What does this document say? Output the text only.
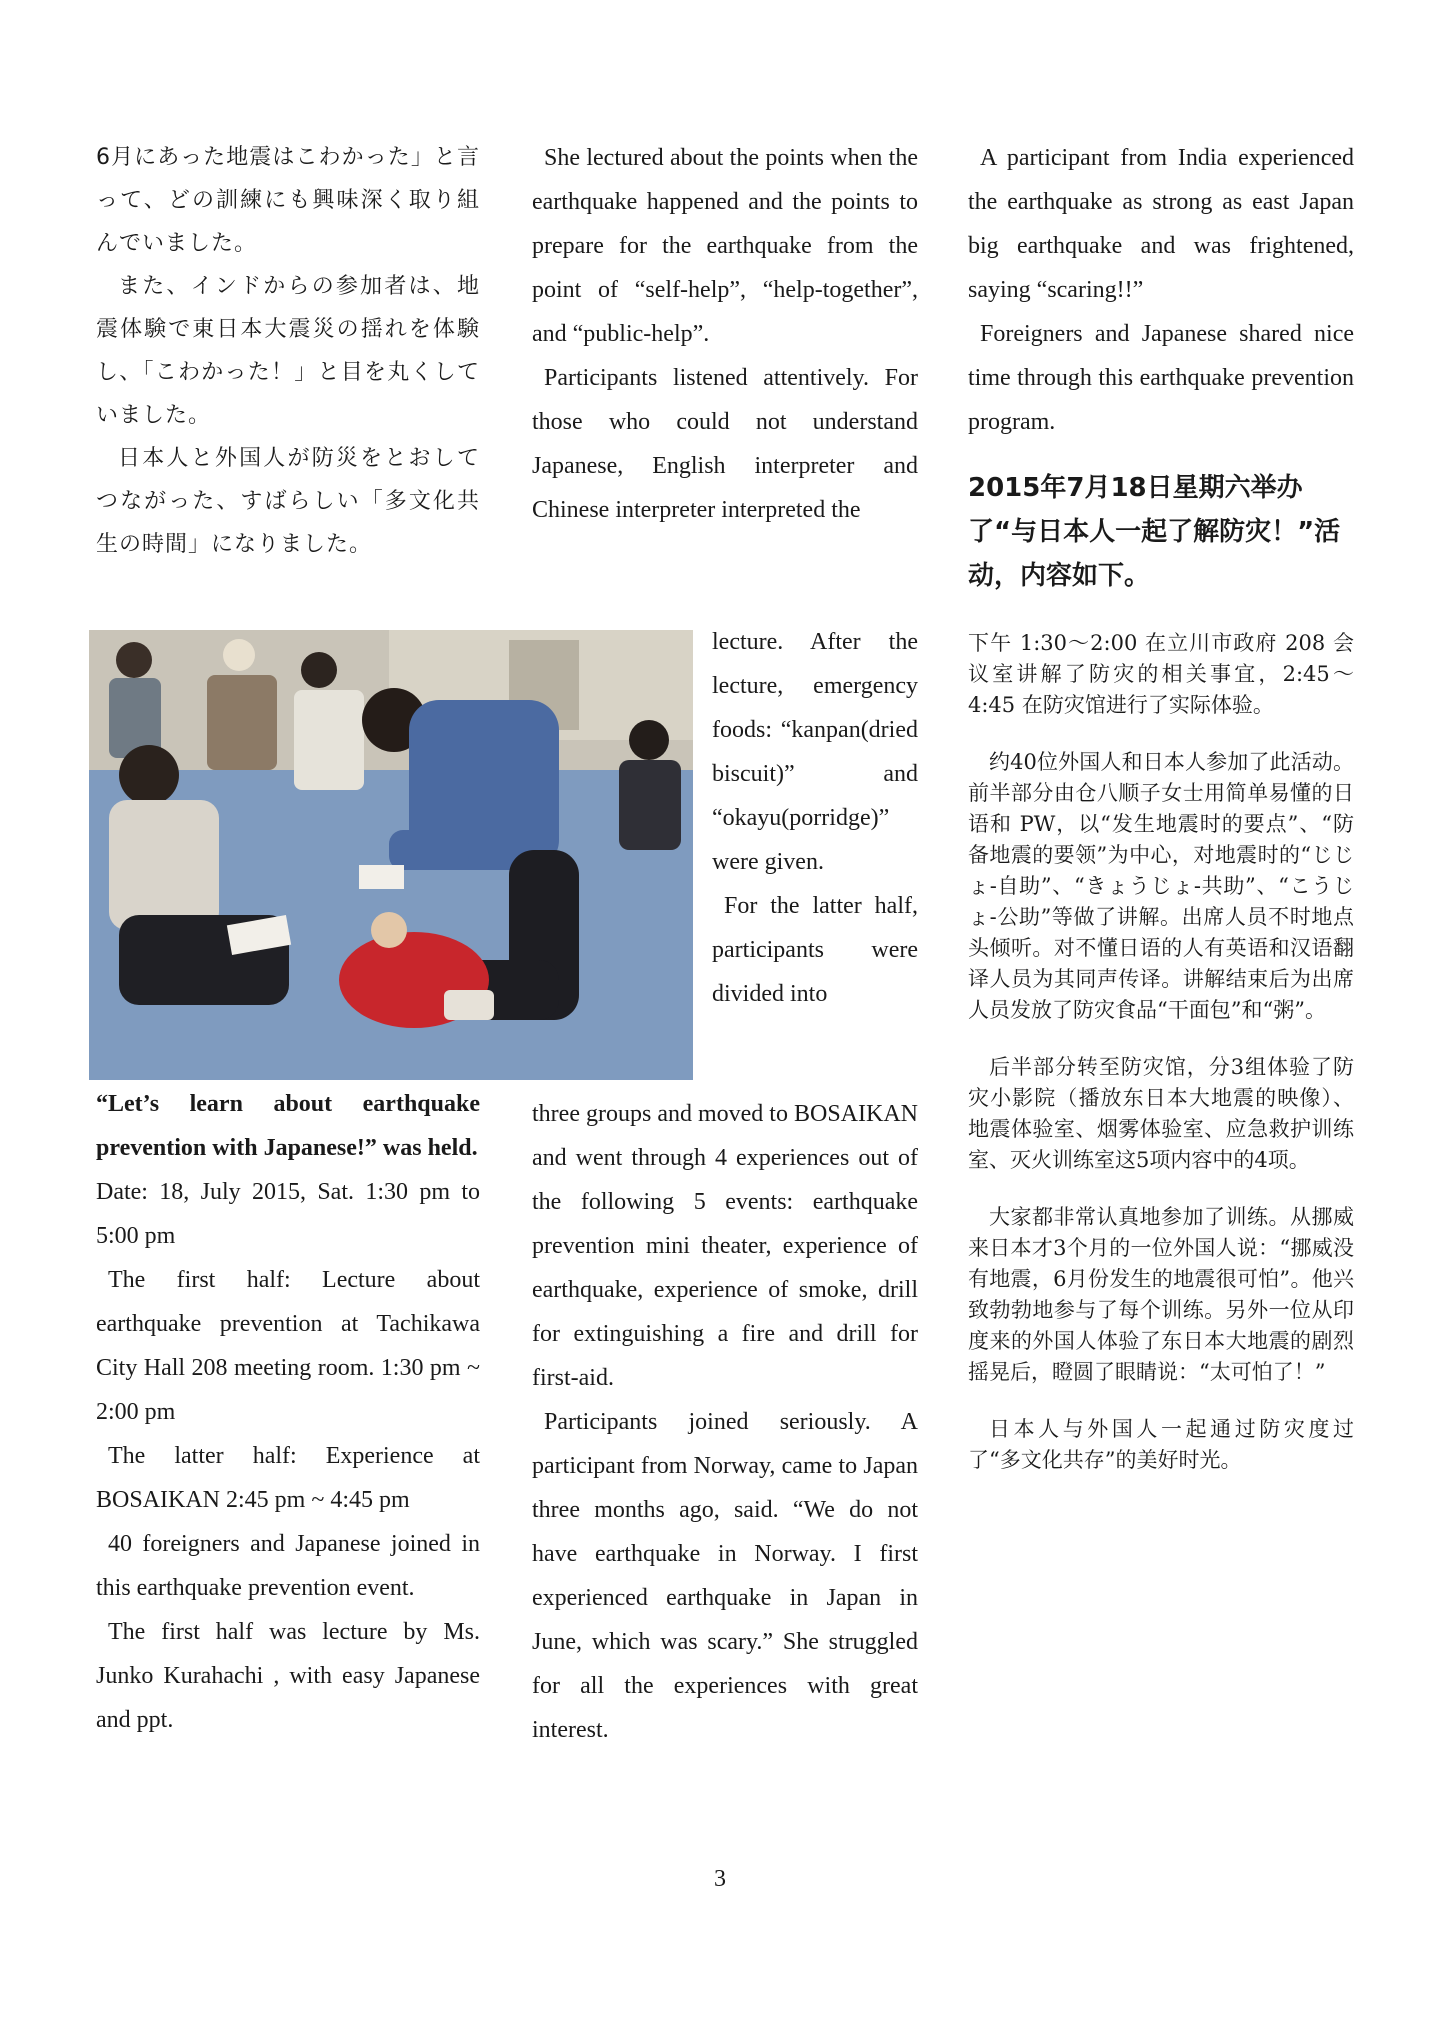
6月にあった地震はこわかった」と言って、どの訓練にも興味深く取り組んでいました。

また、インドからの参加者は、地震体験で東日本大震災の揺れを体験し、「こわかった！」と目を丸くしていました。

日本人と外国人が防災をとおしてつながった、すばらしい「多文化共生の時間」になりました。

“Let’s learn about earthquake prevention with Japanese!” was held.

Date: 18, July 2015, Sat. 1:30 pm to 5:00 pm

The first half: Lecture about earthquake prevention at Tachikawa City Hall 208 meeting room. 1:30 pm ~ 2:00 pm

The latter half: Experience at BOSAIKAN 2:45 pm ~ 4:45 pm

40 foreigners and Japanese joined in this earthquake prevention event.

The first half was lecture by Ms. Junko Kurahachi , with easy Japanese and ppt.

She lectured about the points when the earthquake happened and the points to prepare for the earthquake from the point of “self-help”, “help-together”, and “public-help”.

Participants listened attentively. For those who could not understand Japanese, English interpreter and Chinese interpreter interpreted the

lecture. After the lecture, emergency foods: “kanpan(dried biscuit)” and “okayu(porridge)” were given.

For the latter half, participants were divided into

three groups and moved to BOSAIKAN and went through 4 experiences out of the following 5 events: earthquake prevention mini theater, experience of earthquake, experience of smoke, drill for extinguishing a fire and drill for first-aid.

Participants joined seriously. A participant from Norway, came to Japan three months ago, said. “We do not have earthquake in Norway. I first experienced earthquake in Japan in June, which was scary.” She struggled for all the experiences with great interest.

A participant from India experienced the earthquake as strong as east Japan big earthquake and was frightened, saying “scaring!!”

Foreigners and Japanese shared nice time through this earthquake prevention program.

2015年7月18日星期六举办了“与日本人一起了解防灾！”活动，内容如下。

下午 1:30～2:00 在立川市政府 208 会议室讲解了防灾的相关事宜，2:45～4:45 在防灾馆进行了实际体验。

约40位外国人和日本人参加了此活动。前半部分由仓八顺子女士用简单易懂的日语和 PW，以“发生地震时的要点”、“防备地震的要领”为中心，对地震时的“じじょ-自助”、“きょうじょ-共助”、“こうじょ-公助”等做了讲解。出席人员不时地点头倾听。对不懂日语的人有英语和汉语翻译人员为其同声传译。讲解结束后为出席人员发放了防灾食品“干面包”和“粥”。

后半部分转至防灾馆，分3组体验了防灾小影院（播放东日本大地震的映像）、地震体验室、烟雾体验室、应急救护训练室、灭火训练室这5项内容中的4项。

大家都非常认真地参加了训练。从挪威来日本才3个月的一位外国人说：“挪威没有地震，6月份发生的地震很可怕”。他兴致勃勃地参与了每个训练。另外一位从印度来的外国人体验了东日本大地震的剧烈摇晃后，瞪圆了眼睛说：“太可怕了！”

日本人与外国人一起通过防灾度过了“多文化共存”的美好时光。

3
